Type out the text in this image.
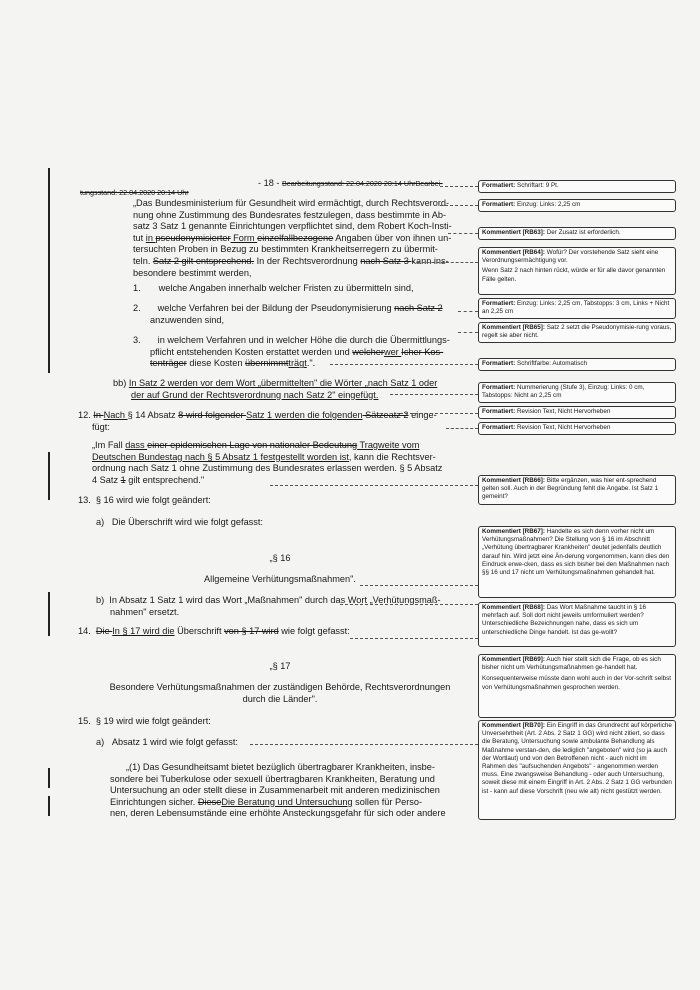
- 18 - Bearbeitungsstand: 22.04.2020 20:14 UhrBearbei-
tungsstand: 22.04.2020 20:14 Uhr
„Das Bundesministerium für Gesundheit wird ermächtigt, durch Rechtsverord-
nung ohne Zustimmung des Bundesrates festzulegen, dass bestimmte in Ab-
satz 3 Satz 1 genannte Einrichtungen verpflichtet sind, dem Robert Koch-Insti-
tut in pseudonymisierter Form einzelfallbezogene Angaben über von ihnen un-
tersuchten Proben in Bezug zu bestimmten Krankheitserregern zu übermit-
teln. Satz 2 gilt entsprechend. In der Rechtsverordnung nach Satz 3 kann ins-
besondere bestimmt werden,
1. welche Angaben innerhalb welcher Fristen zu übermitteln sind,
2. welche Verfahren bei der Bildung der Pseudonymisierung nach Satz 2
anzuwenden sind,
3. in welchem Verfahren und in welcher Höhe die durch die Übermittlungs-
pflicht entstehenden Kosten erstattet werden und welcherwer Icher Kos-
tenträger diese Kosten übernimmtträgt.".
bb) In Satz 2 werden vor dem Wort „übermittelten" die Wörter „nach Satz 1 oder
der auf Grund der Rechtsverordnung nach Satz 2" eingefügt.
12. In Nach § 14 Absatz 8 wird folgender Satz 1 werden die folgenden Sätzeatz 2 einge-
fügt:
„Im Fall dass einer epidemischen Lage von nationaler Bedeutung Tragweite vom
Deutschen Bundestag nach § 5 Absatz 1 festgestellt worden ist, kann die Rechtsver-
ordnung nach Satz 1 ohne Zustimmung des Bundesrates erlassen werden. § 5 Absatz
4 Satz 1 gilt entsprechend."
13. § 16 wird wie folgt geändert:
a) Die Überschrift wird wie folgt gefasst:
„§ 16
Allgemeine Verhütungsmaßnahmen".
b) In Absatz 1 Satz 1 wird das Wort „Maßnahmen" durch das Wort „Verhütungsmaß-
nahmen" ersetzt.
14. Die In § 17 wird die Überschrift von § 17 wird wie folgt gefasst:
„§ 17
Besondere Verhütungsmaßnahmen der zuständigen Behörde, Rechtsverordnungen
durch die Länder".
15. § 19 wird wie folgt geändert:
a) Absatz 1 wird wie folgt gefasst:
„(1) Das Gesundheitsamt bietet bezüglich übertragbarer Krankheiten, insbe-
sondere bei Tuberkulose oder sexuell übertragbaren Krankheiten, Beratung und
Untersuchung an oder stellt diese in Zusammenarbeit mit anderen medizinischen
Einrichtungen sicher. DieseDie Beratung und Untersuchung sollen für Perso-
nen, deren Lebensumstände eine erhöhte Ansteckungsgefahr für sich oder andere
Formatiert: Schriftart: 9 Pt.
Formatiert: Einzug: Links: 2,25 cm
Kommentiert [RB63]: Der Zusatz ist erforderlich.
Kommentiert [RB64]: Wofür? Der vorstehende Satz sieht eine Verordnungsermächtigung vor.
Wenn Satz 2 nach hinten rückt, würde er für alle davor genannten Fälle gelten.
Formatiert: Einzug: Links: 2,25 cm, Tabstopps: 3 cm, Links + Nicht an 2,25 cm
Kommentiert [RB65]: Satz 2 setzt die Pseudonymisie-rung voraus, regelt sie aber nicht.
Formatiert: Schriftfarbe: Automatisch
Formatiert: Nummerierung (Stufe 3), Einzug: Links: 0 cm, Tabstopps: Nicht an 2,25 cm
Formatiert: Revision Text, Nicht Hervorheben
Formatiert: Revision Text, Nicht Hervorheben
Kommentiert [RB66]: Bitte ergänzen, was hier ent-sprechend gelten soll. Auch in der Begründung fehlt die Angabe. Ist Satz 1 gemeint?
Kommentiert [RB67]: Handelte es sich denn vorher nicht um Verhütungsmaßnahmen? Die Stellung von § 16 im Abschnitt „Verhütung übertragbarer Krankheiten" deutet jedenfalls deutlich darauf hin. Wird jetzt eine Än-derung vorgenommen, kann dies den Eindruck erwe-cken, dass es sich bisher bei den Maßnahmen nach §§ 16 und 17 nicht um Verhütungsmaßnahmen gehandelt hat.
Kommentiert [RB68]: Das Wort Maßnahme taucht in § 16 mehrfach auf. Soll dort nicht jeweils umformuliert werden? Unterschiedliche Bezeichnungen nahe, dass es sich um unterschiedliche Dinge handelt. Ist das ge-wollt?
Kommentiert [RB69]: Auch hier stellt sich die Frage, ob es sich bisher nicht um Verhütungsmaßnahmen ge-handelt hat.
Konsequenterweise müsste dann wohl auch in der Vor-schrift selbst von Verhütungsmaßnahmen gesprochen werden.
Kommentiert [RB70]: Ein Eingriff in das Grundrecht auf körperliche Unversehrtheit (Art. 2 Abs. 2 Satz 1 GG) wird nicht zitiert, so dass die Beratung, Untersuchung sowie ambulante Behandlung als Maßnahme verstan-den, die lediglich "angeboten" wird (so ja auch der Wortlaut) und von den Betroffenen nicht - auch nicht im Rahmen des "aufsuchenden Angebots" - angenommen werden muss. Eine zwangsweise Behandlung - oder auch Untersuchung, soweit diese mit einem Eingriff in Art. 2 Abs. 2 Satz 1 GG verbunden ist - kann auf diese Vorschrift (neu wie alt) nicht gestützt werden.
